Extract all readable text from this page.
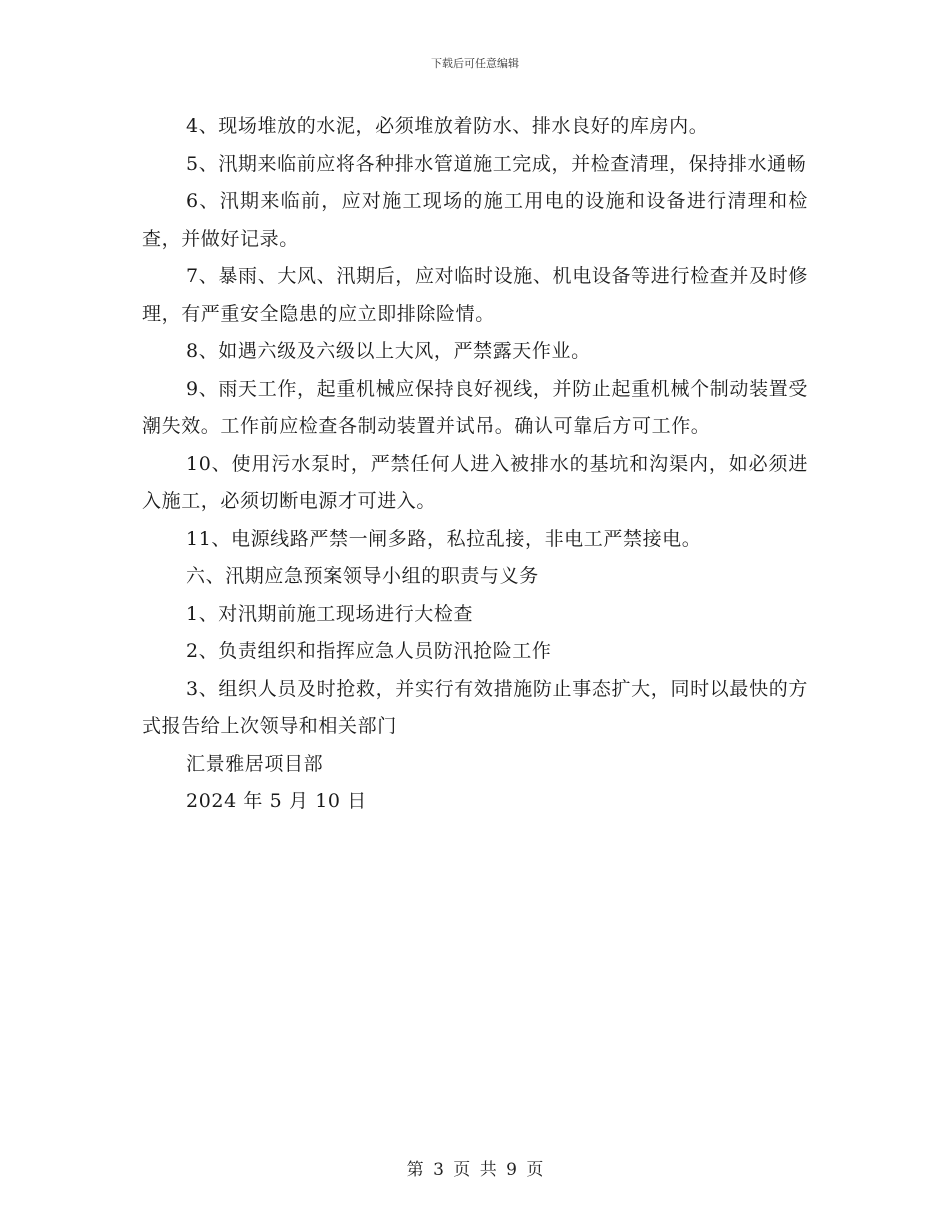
下载后可任意编辑

4、现场堆放的水泥，必须堆放着防水、排水良好的库房内。

5、汛期来临前应将各种排水管道施工完成，并检查清理，保持排水通畅

6、汛期来临前，应对施工现场的施工用电的设施和设备进行清理和检查，并做好记录。

7、暴雨、大风、汛期后，应对临时设施、机电设备等进行检查并及时修理，有严重安全隐患的应立即排除险情。

8、如遇六级及六级以上大风，严禁露天作业。

9、雨天工作，起重机械应保持良好视线，并防止起重机械个制动装置受潮失效。工作前应检查各制动装置并试吊。确认可靠后方可工作。

10、使用污水泵时，严禁任何人进入被排水的基坑和沟渠内，如必须进入施工，必须切断电源才可进入。

11、电源线路严禁一闸多路，私拉乱接，非电工严禁接电。

六、汛期应急预案领导小组的职责与义务

1、对汛期前施工现场进行大检查

2、负责组织和指挥应急人员防汛抢险工作

3、组织人员及时抢救，并实行有效措施防止事态扩大，同时以最快的方式报告给上次领导和相关部门

汇景雅居项目部

2024 年 5 月 10 日

第 3 页 共 9 页
